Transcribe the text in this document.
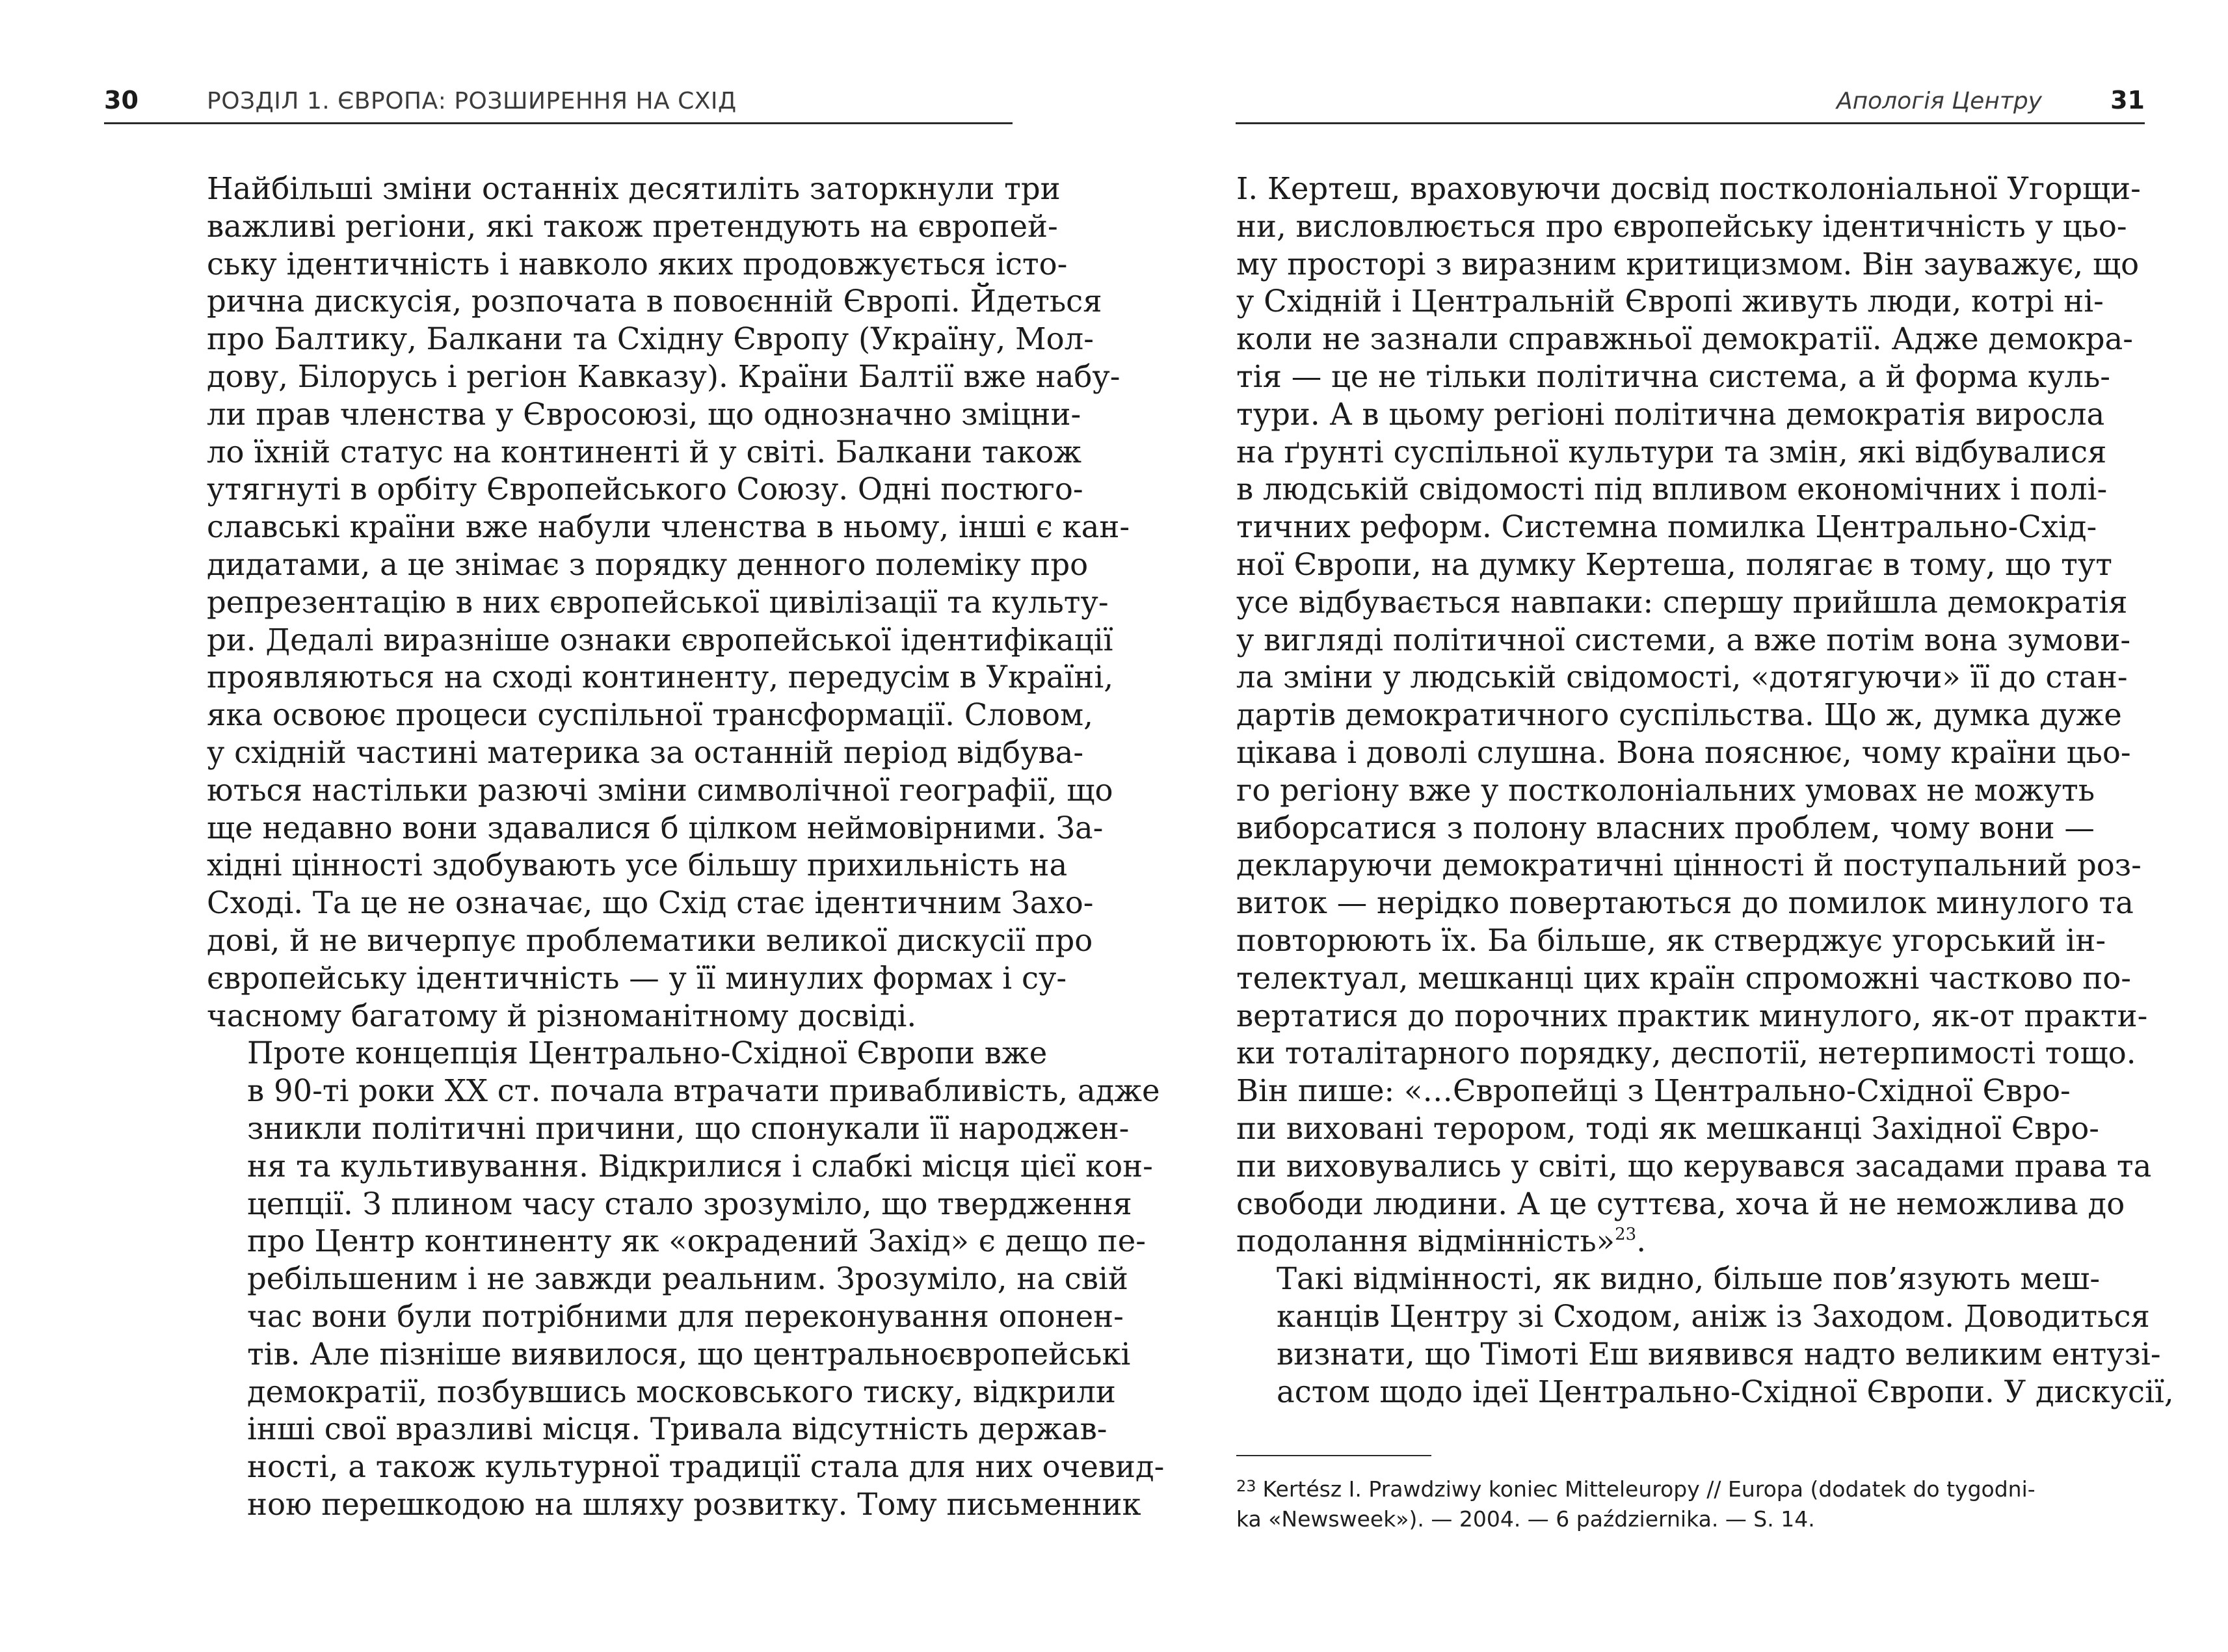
30	РОЗДІЛ 1. ЄВРОПА: РОЗШИРЕННЯ НА СХІД

Найбільші зміни останніх десятиліть заторкнули три
важливі регіони, які також претендують на європей-
ську ідентичність і навколо яких продовжується істо-
рична дискусія, розпочата в повоєнній Європі. Йдеться
про Балтику, Балкани та Східну Європу (Україну, Мол-
дову, Білорусь і регіон Кавказу). Країни Балтії вже набу-
ли прав членства у Євросоюзі, що однозначно зміцни-
ло їхній статус на континенті й у світі. Балкани також
утягнуті в орбіту Європейського Союзу. Одні постюго-
славські країни вже набули членства в ньому, інші є кан-
дидатами, а це знімає з порядку денного полеміку про
репрезентацію в них європейської цивілізації та культу-
ри. Дедалі виразніше ознаки європейської ідентифікації
проявляються на сході континенту, передусім в Україні,
яка освоює процеси суспільної трансформації. Словом,
у східній частині материка за останній період відбува-
ються настільки разючі зміни символічної географії, що
ще недавно вони здавалися б цілком неймовірними. За-
хідні цінності здобувають усе більшу прихильність на
Сході. Та це не означає, що Схід стає ідентичним Захо-
дові, й не вичерпує проблематики великої дискусії про
європейську ідентичність — у її минулих формах і су-
часному багатому й різноманітному досвіді.

Проте концепція Центрально-Східної Європи вже
в 90-ті роки XX ст. почала втрачати привабливість, адже
зникли політичні причини, що спонукали її народжен-
ня та культивування. Відкрилися і слабкі місця цієї кон-
цепції. З плином часу стало зрозуміло, що твердження
про Центр континенту як «окрадений Захід» є дещо пе-
ребільшеним і не завжди реальним. Зрозуміло, на свій
час вони були потрібними для переконування опонен-
тів. Але пізніше виявилося, що центральноєвропейські
демократії, позбувшись московського тиску, відкрили
інші свої вразливі місця. Тривала відсутність держав-
ності, а також культурної традиції стала для них очевид-
ною перешкодою на шляху розвитку. Тому письменник

Апологія Центру	31

І. Кертеш, враховуючи досвід постколоніальної Угорщи-
ни, висловлюється про європейську ідентичність у цьо-
му просторі з виразним критицизмом. Він зауважує, що
у Східній і Центральній Європі живуть люди, котрі ні-
коли не зазнали справжньої демократії. Адже демокра-
тія — це не тільки політична система, а й форма куль-
тури. А в цьому регіоні політична демократія виросла
на ґрунті суспільної культури та змін, які відбувалися
в людській свідомості під впливом економічних і полі-
тичних реформ. Системна помилка Центрально-Схід-
ної Європи, на думку Кертеша, полягає в тому, що тут
усе відбувається навпаки: спершу прийшла демократія
у вигляді політичної системи, а вже потім вона зумови-
ла зміни у людській свідомості, «дотягуючи» її до стан-
дартів демократичного суспільства. Що ж, думка дуже
цікава і доволі слушна. Вона пояснює, чому країни цьо-
го регіону вже у постколоніальних умовах не можуть
виборсатися з полону власних проблем, чому вони —
декларуючи демократичні цінності й поступальний роз-
виток — нерідко повертаються до помилок минулого та
повторюють їх. Ба більше, як стверджує угорський ін-
телектуал, мешканці цих країн спроможні частково по-
вертатися до порочних практик минулого, як-от практи-
ки тоталітарного порядку, деспотії, нетерпимості тощо.
Він пише: «…Європейці з Центрально-Східної Євро-
пи виховані терором, тоді як мешканці Західної Євро-
пи виховувались у світі, що керувався засадами права та
свободи людини. А це суттєва, хоча й не неможлива до
подолання відмінність»$^{23}$.

Такі відмінності, як видно, більше пов’язують меш-
канців Центру зі Сходом, аніж із Заходом. Доводиться
визнати, що Тімоті Еш виявився надто великим ентузі-
астом щодо ідеї Центрально-Східної Європи. У дискусії,

$^{23}$ Kertész I. Prawdziwy koniec Mitteleuropy // Europa (dodatek do tygodni-
ka «Newsweek»). — 2004. — 6 października. — S. 14.
